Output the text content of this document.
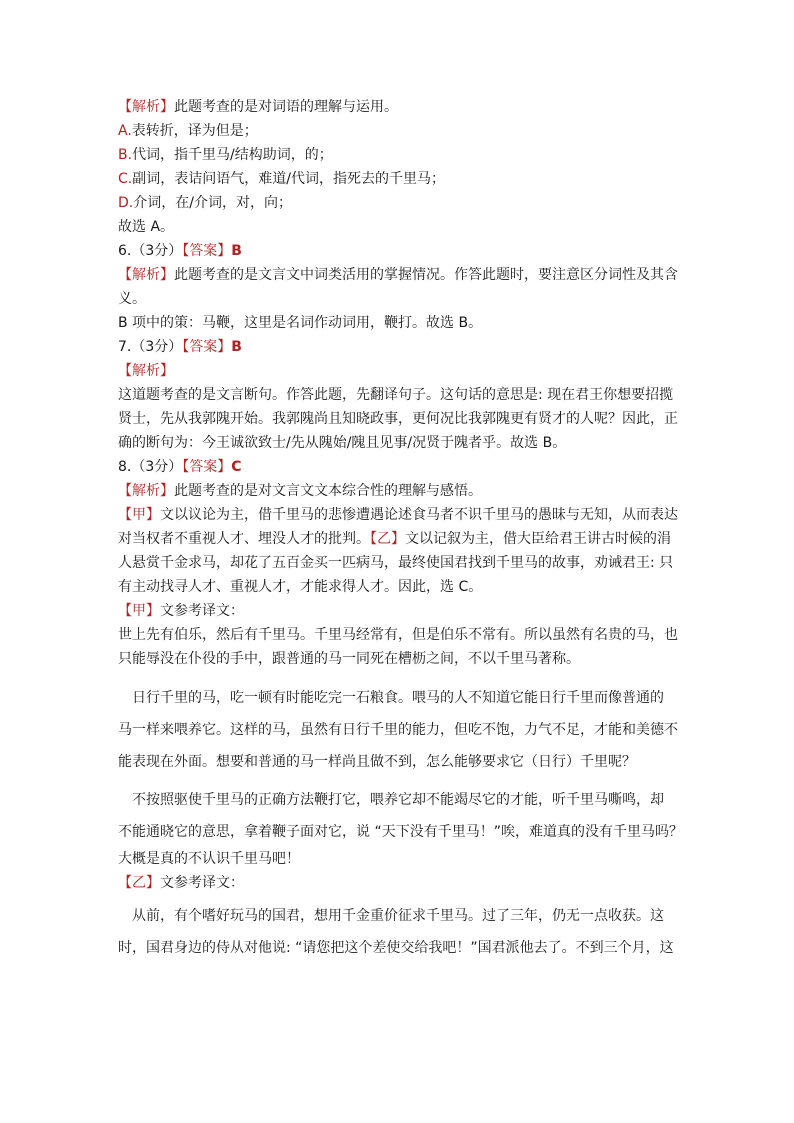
【解析】此题考查的是对词语的理解与运用。
A.表转折，译为但是；
B.代词，指千里马/结构助词，的；
C.副词，表诘问语气，难道/代词，指死去的千里马；
D.介词，在/介词，对，向；
故选 A。
6.（3分）【答案】B
【解析】此题考查的是文言文中词类活用的掌握情况。作答此题时，要注意区分词性及其含
义。
B 项中的策：马鞭，这里是名词作动词用，鞭打。故选 B。
7.（3分）【答案】B
【解析】
这道题考查的是文言断句。作答此题，先翻译句子。这句话的意思是: 现在君王你想要招揽
贤士，先从我郭隗开始。我郭隗尚且知晓政事，更何况比我郭隗更有贤才的人呢？因此，正
确的断句为：今王诚欲致士/先从隗始/隗且见事/况贤于隗者乎。故选 B。
8.（3分）【答案】C
【解析】此题考查的是对文言文文本综合性的理解与感悟。
【甲】文以议论为主，借千里马的悲惨遭遇论述食马者不识千里马的愚昧与无知，从而表达
对当权者不重视人才、埋没人才的批判。【乙】文以记叙为主，借大臣给君王讲古时候的涓
人悬赏千金求马，却花了五百金买一匹病马，最终使国君找到千里马的故事，劝诫君王: 只
有主动找寻人才、重视人才，才能求得人才。因此，选 C。
【甲】文参考译文：
世上先有伯乐，然后有千里马。千里马经常有，但是伯乐不常有。所以虽然有名贵的马，也
只能辱没在仆役的手中，跟普通的马一同死在槽枥之间，不以千里马著称。
日行千里的马，吃一顿有时能吃完一石粮食。喂马的人不知道它能日行千里而像普通的
马一样来喂养它。这样的马，虽然有日行千里的能力，但吃不饱，力气不足，才能和美德不
能表现在外面。想要和普通的马一样尚且做不到，怎么能够要求它（日行）千里呢？
不按照驱使千里马的正确方法鞭打它，喂养它却不能竭尽它的才能，听千里马嘶鸣，却
不能通晓它的意思，拿着鞭子面对它，说 “天下没有千里马！”唉，难道真的没有千里马吗？
大概是真的不认识千里马吧！
【乙】文参考译文：
从前，有个嗜好玩马的国君，想用千金重价征求千里马。过了三年，仍无一点收获。这
时，国君身边的侍从对他说: “请您把这个差使交给我吧！”国君派他去了。不到三个月，这
